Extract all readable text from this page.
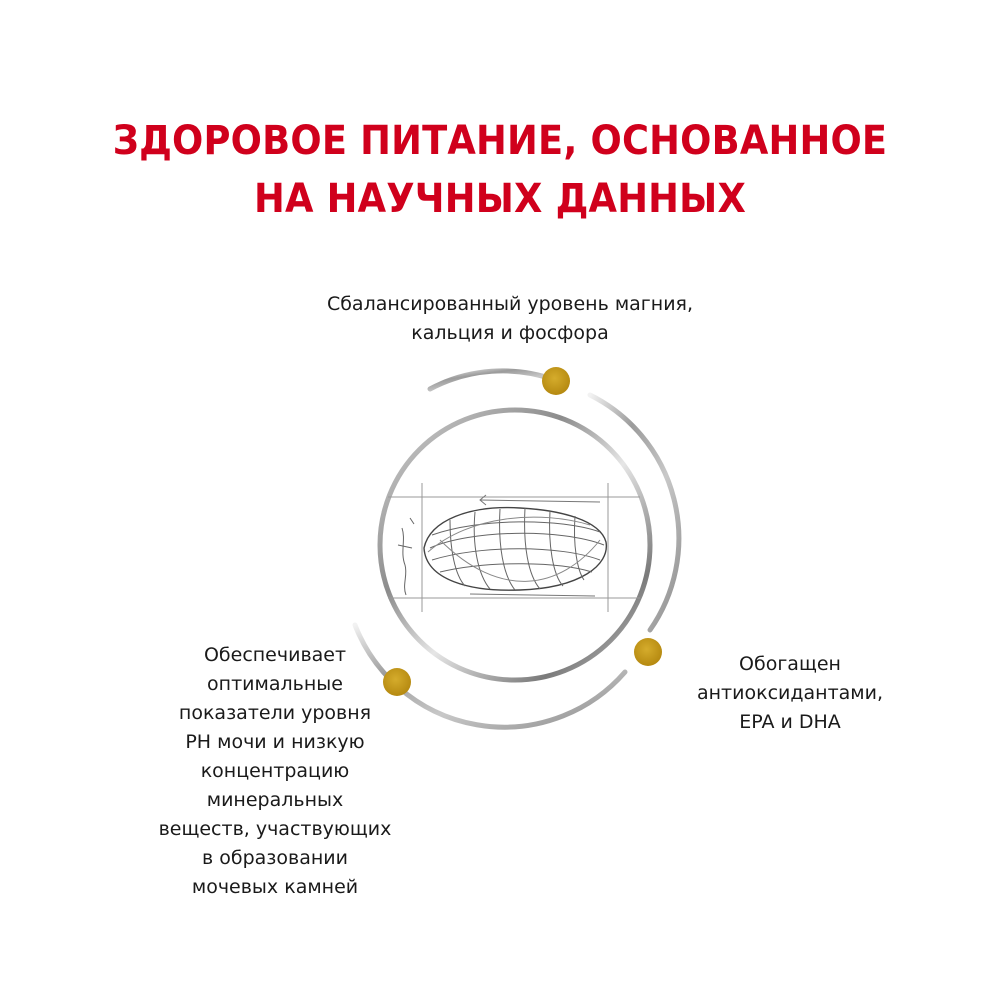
ЗДОРОВОЕ ПИТАНИЕ, ОСНОВАННОЕ
НА НАУЧНЫХ ДАННЫХ
Сбалансированный уровень магния,
кальция и фосфора
Обеспечивает
оптимальные
показатели уровня
PH мочи и низкую
концентрацию
минеральных
веществ, участвующих
в образовании
мочевых камней
Обогащен
антиоксидантами,
EPA и DHA
